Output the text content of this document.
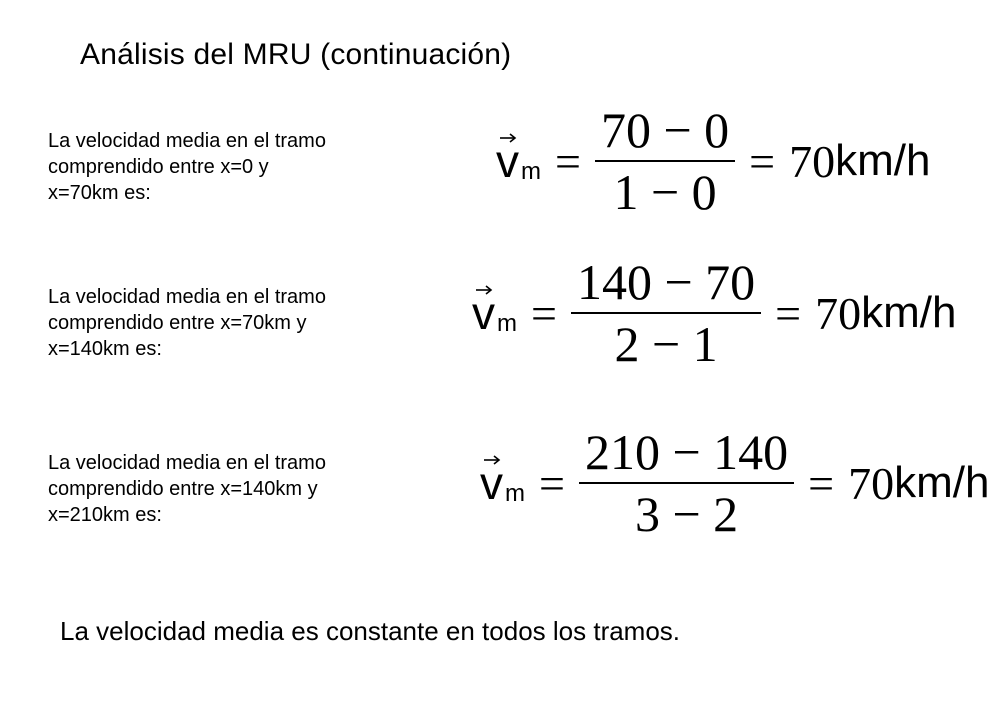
Análisis del MRU (continuación)
La velocidad media en el tramo
comprendido entre x=0 y
x=70km es:
v $m = \frac{70 - 0}{1 - 0} = 70$ km/h
La velocidad media en el tramo
comprendido entre x=70km y
x=140km es:
v $m = \frac{140 - 70}{2 - 1} = 70$ km/h
La velocidad media en el tramo
comprendido entre x=140km y
x=210km es:
v $m = \frac{210 - 140}{3 - 2} = 70$ km/h
La velocidad media es constante en todos los tramos.
